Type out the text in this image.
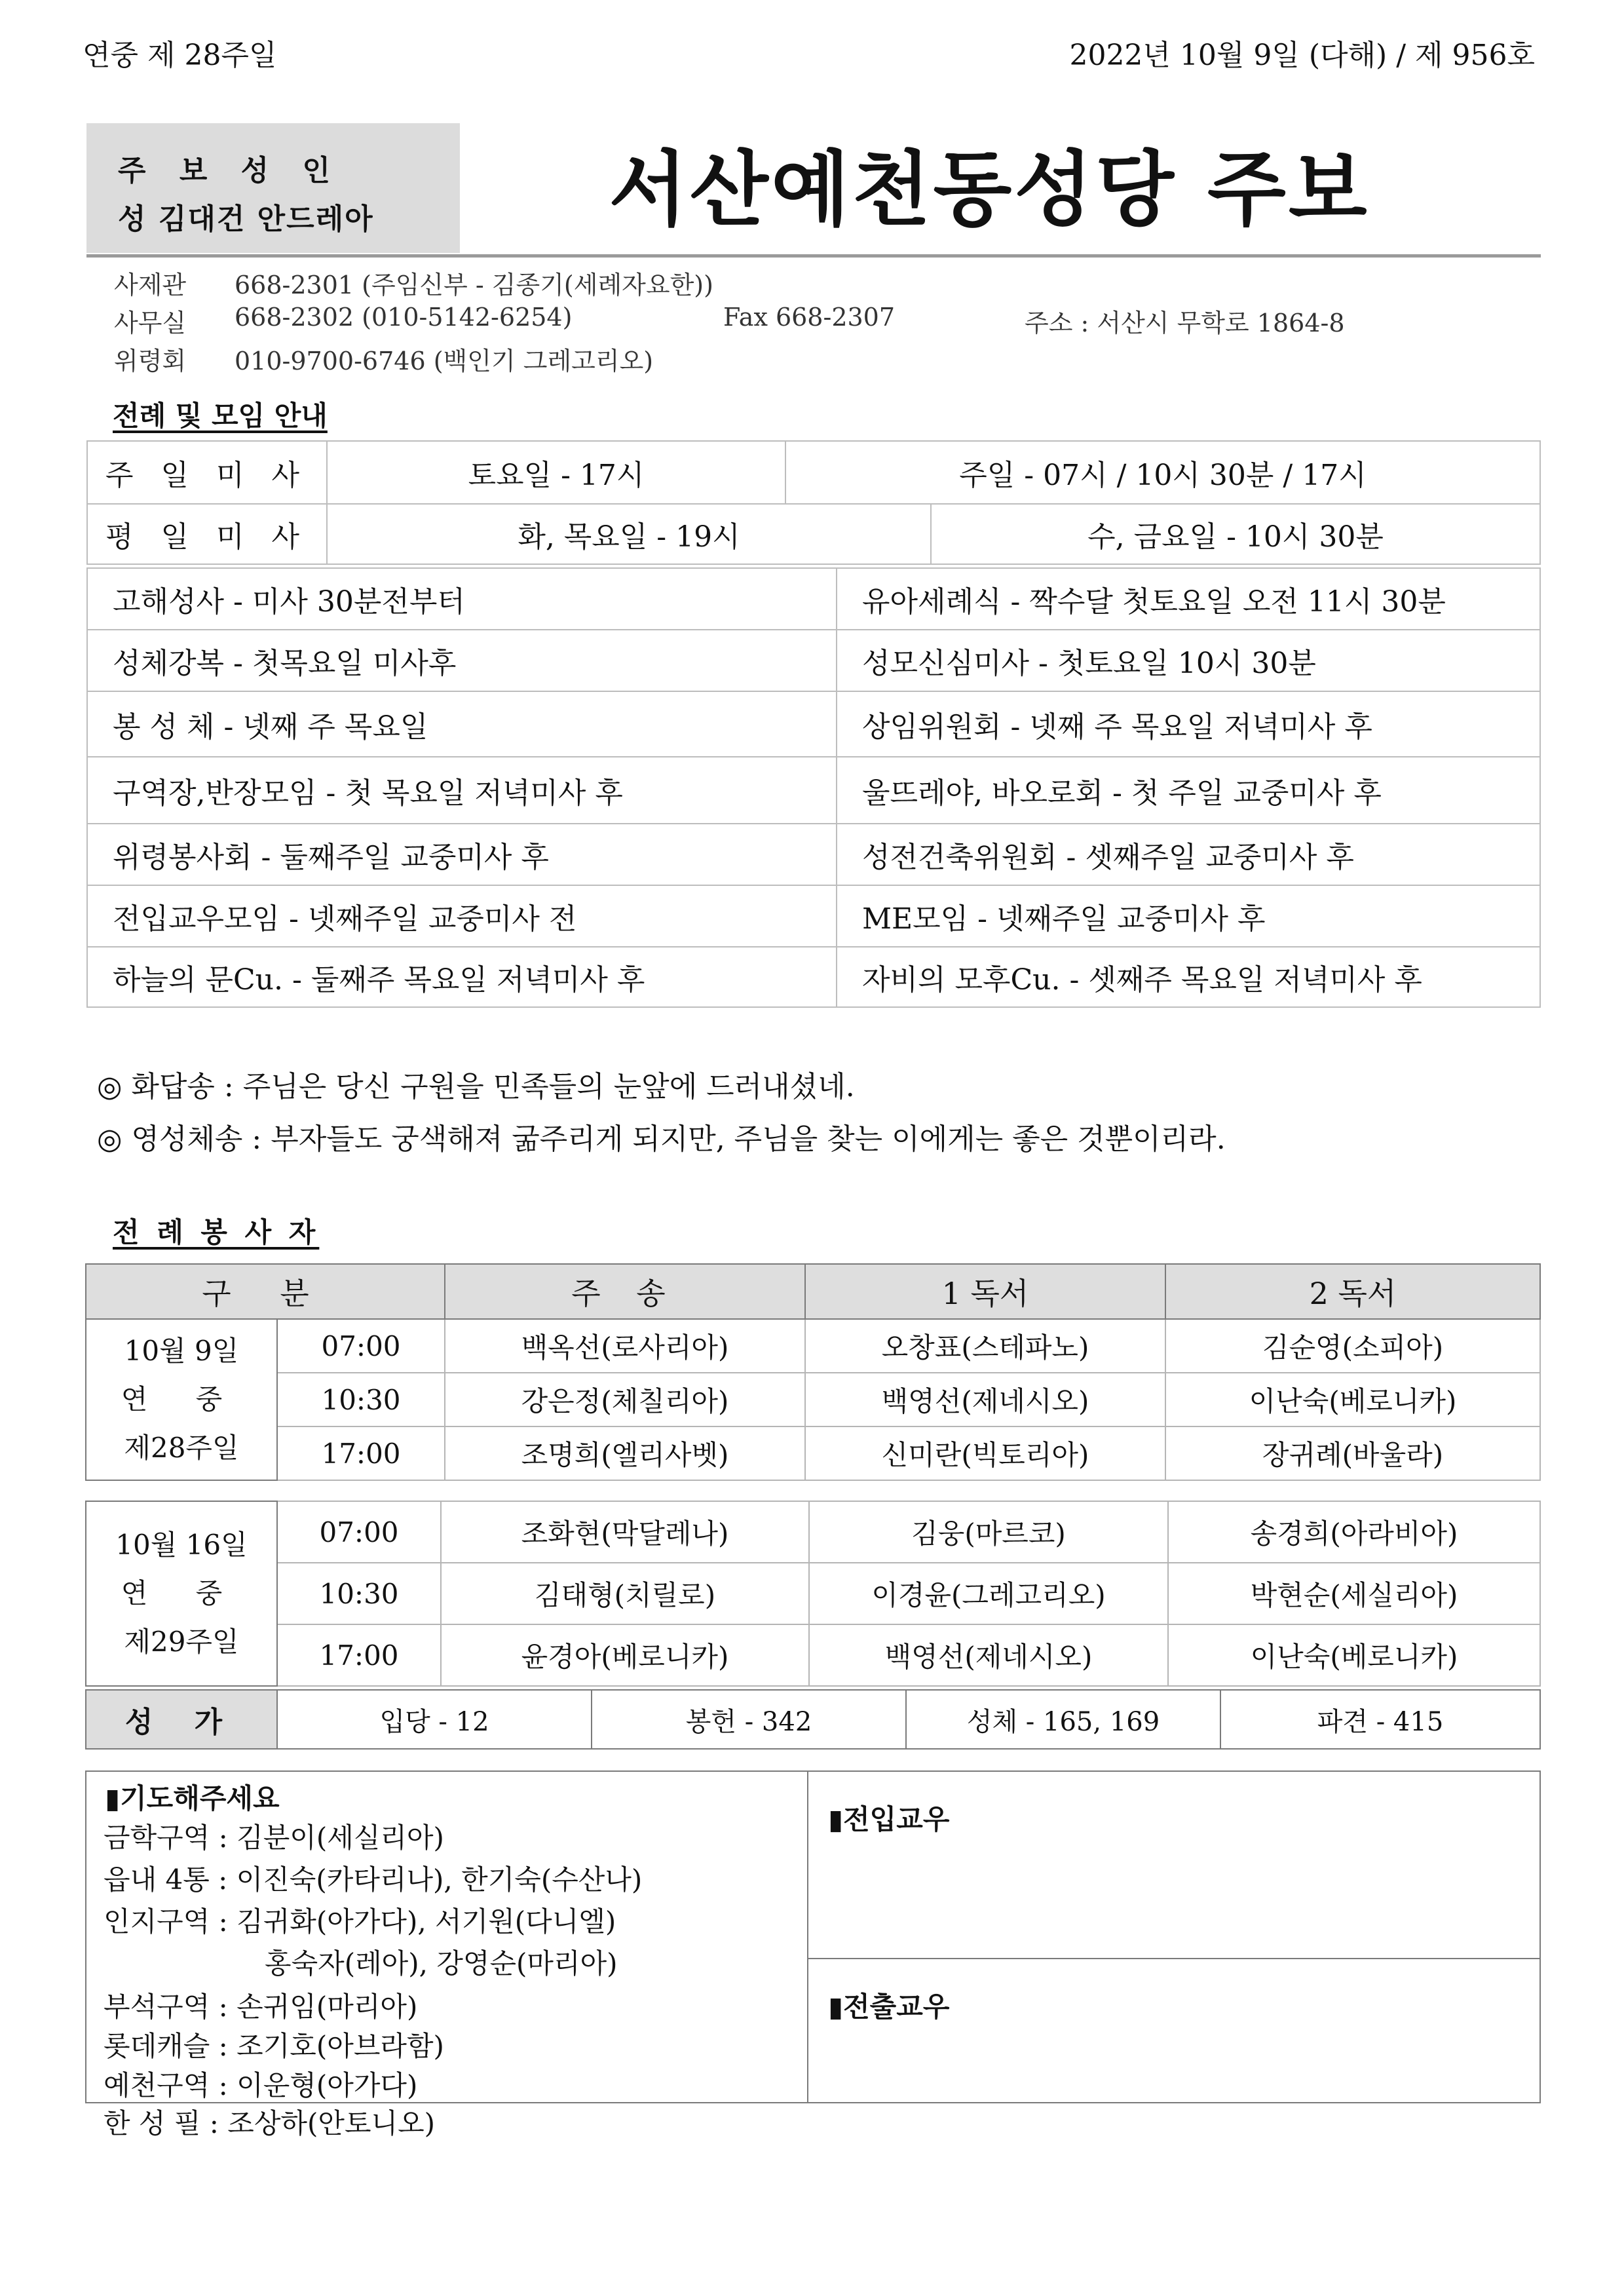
연중 제 28주일	2022년 10월 9일 (다해) / 제 956호
주 보 성 인
성 김대건 안드레아	서산예천동성당 주보
사제관 668-2301 (주임신부 - 김종기(세례자요한))
사무실 668-2302 (010-5142-6254)	Fax 668-2307	주소 : 서산시 무학로 1864-8
위령회 010-9700-6746 (백인기 그레고리오)
전례 및 모임 안내
주 일 미 사	토요일 - 17시	주일 - 07시 / 10시 30분 / 17시
평 일 미 사	화, 목요일 - 19시	수, 금요일 - 10시 30분
고해성사 - 미사 30분전부터	유아세례식 - 짝수달 첫토요일 오전 11시 30분
성체강복 - 첫목요일 미사후	성모신심미사 - 첫토요일 10시 30분
봉 성 체 - 넷째 주 목요일	상임위원회 - 넷째 주 목요일 저녁미사 후
구역장,반장모임 - 첫 목요일 저녁미사 후	울뜨레야, 바오로회 - 첫 주일 교중미사 후
위령봉사회 - 둘째주일 교중미사 후	성전건축위원회 - 셋째주일 교중미사 후
전입교우모임 - 넷째주일 교중미사 전	ME모임 - 넷째주일 교중미사 후
하늘의 문Cu. - 둘째주 목요일 저녁미사 후	자비의 모후Cu. - 셋째주 목요일 저녁미사 후
◎ 화답송 : 주님은 당신 구원을 민족들의 눈앞에 드러내셨네.
◎ 영성체송 : 부자들도 궁색해져 굶주리게 되지만, 주님을 찾는 이에게는 좋은 것뿐이리라.
전 례 봉 사 자
구 분		주 송	1 독서	2 독서

10월 9일
연 중
제28주일	07:00	백옥선(로사리아)	오창표(스테파노)	김순영(소피아)
	10:30	강은정(체칠리아)	백영선(제네시오)	이난숙(베로니카)
	17:00	조명희(엘리사벳)	신미란(빅토리아)	장귀례(바울라)
10월 16일
연 중
제29주일	07:00	조화현(막달레나)	김웅(마르코)	송경희(아라비아)
	10:30	김태형(치릴로)	이경윤(그레고리오)	박현순(세실리아)
	17:00	윤경아(베로니카)	백영선(제네시오)	이난숙(베로니카)
성 가	입당 - 12	봉헌 - 342	성체 - 165, 169	파견 - 415
▮기도해주세요
금학구역 : 김분이(세실리아)
읍내 4통 : 이진숙(카타리나), 한기숙(수산나)
인지구역 : 김귀화(아가다), 서기원(다니엘)
홍숙자(레아), 강영순(마리아)
부석구역 : 손귀임(마리아)
롯데캐슬 : 조기호(아브라함)
예천구역 : 이운형(아가다)
한 성 필 : 조상하(안토니오)
▮전입교우
▮전출교우
